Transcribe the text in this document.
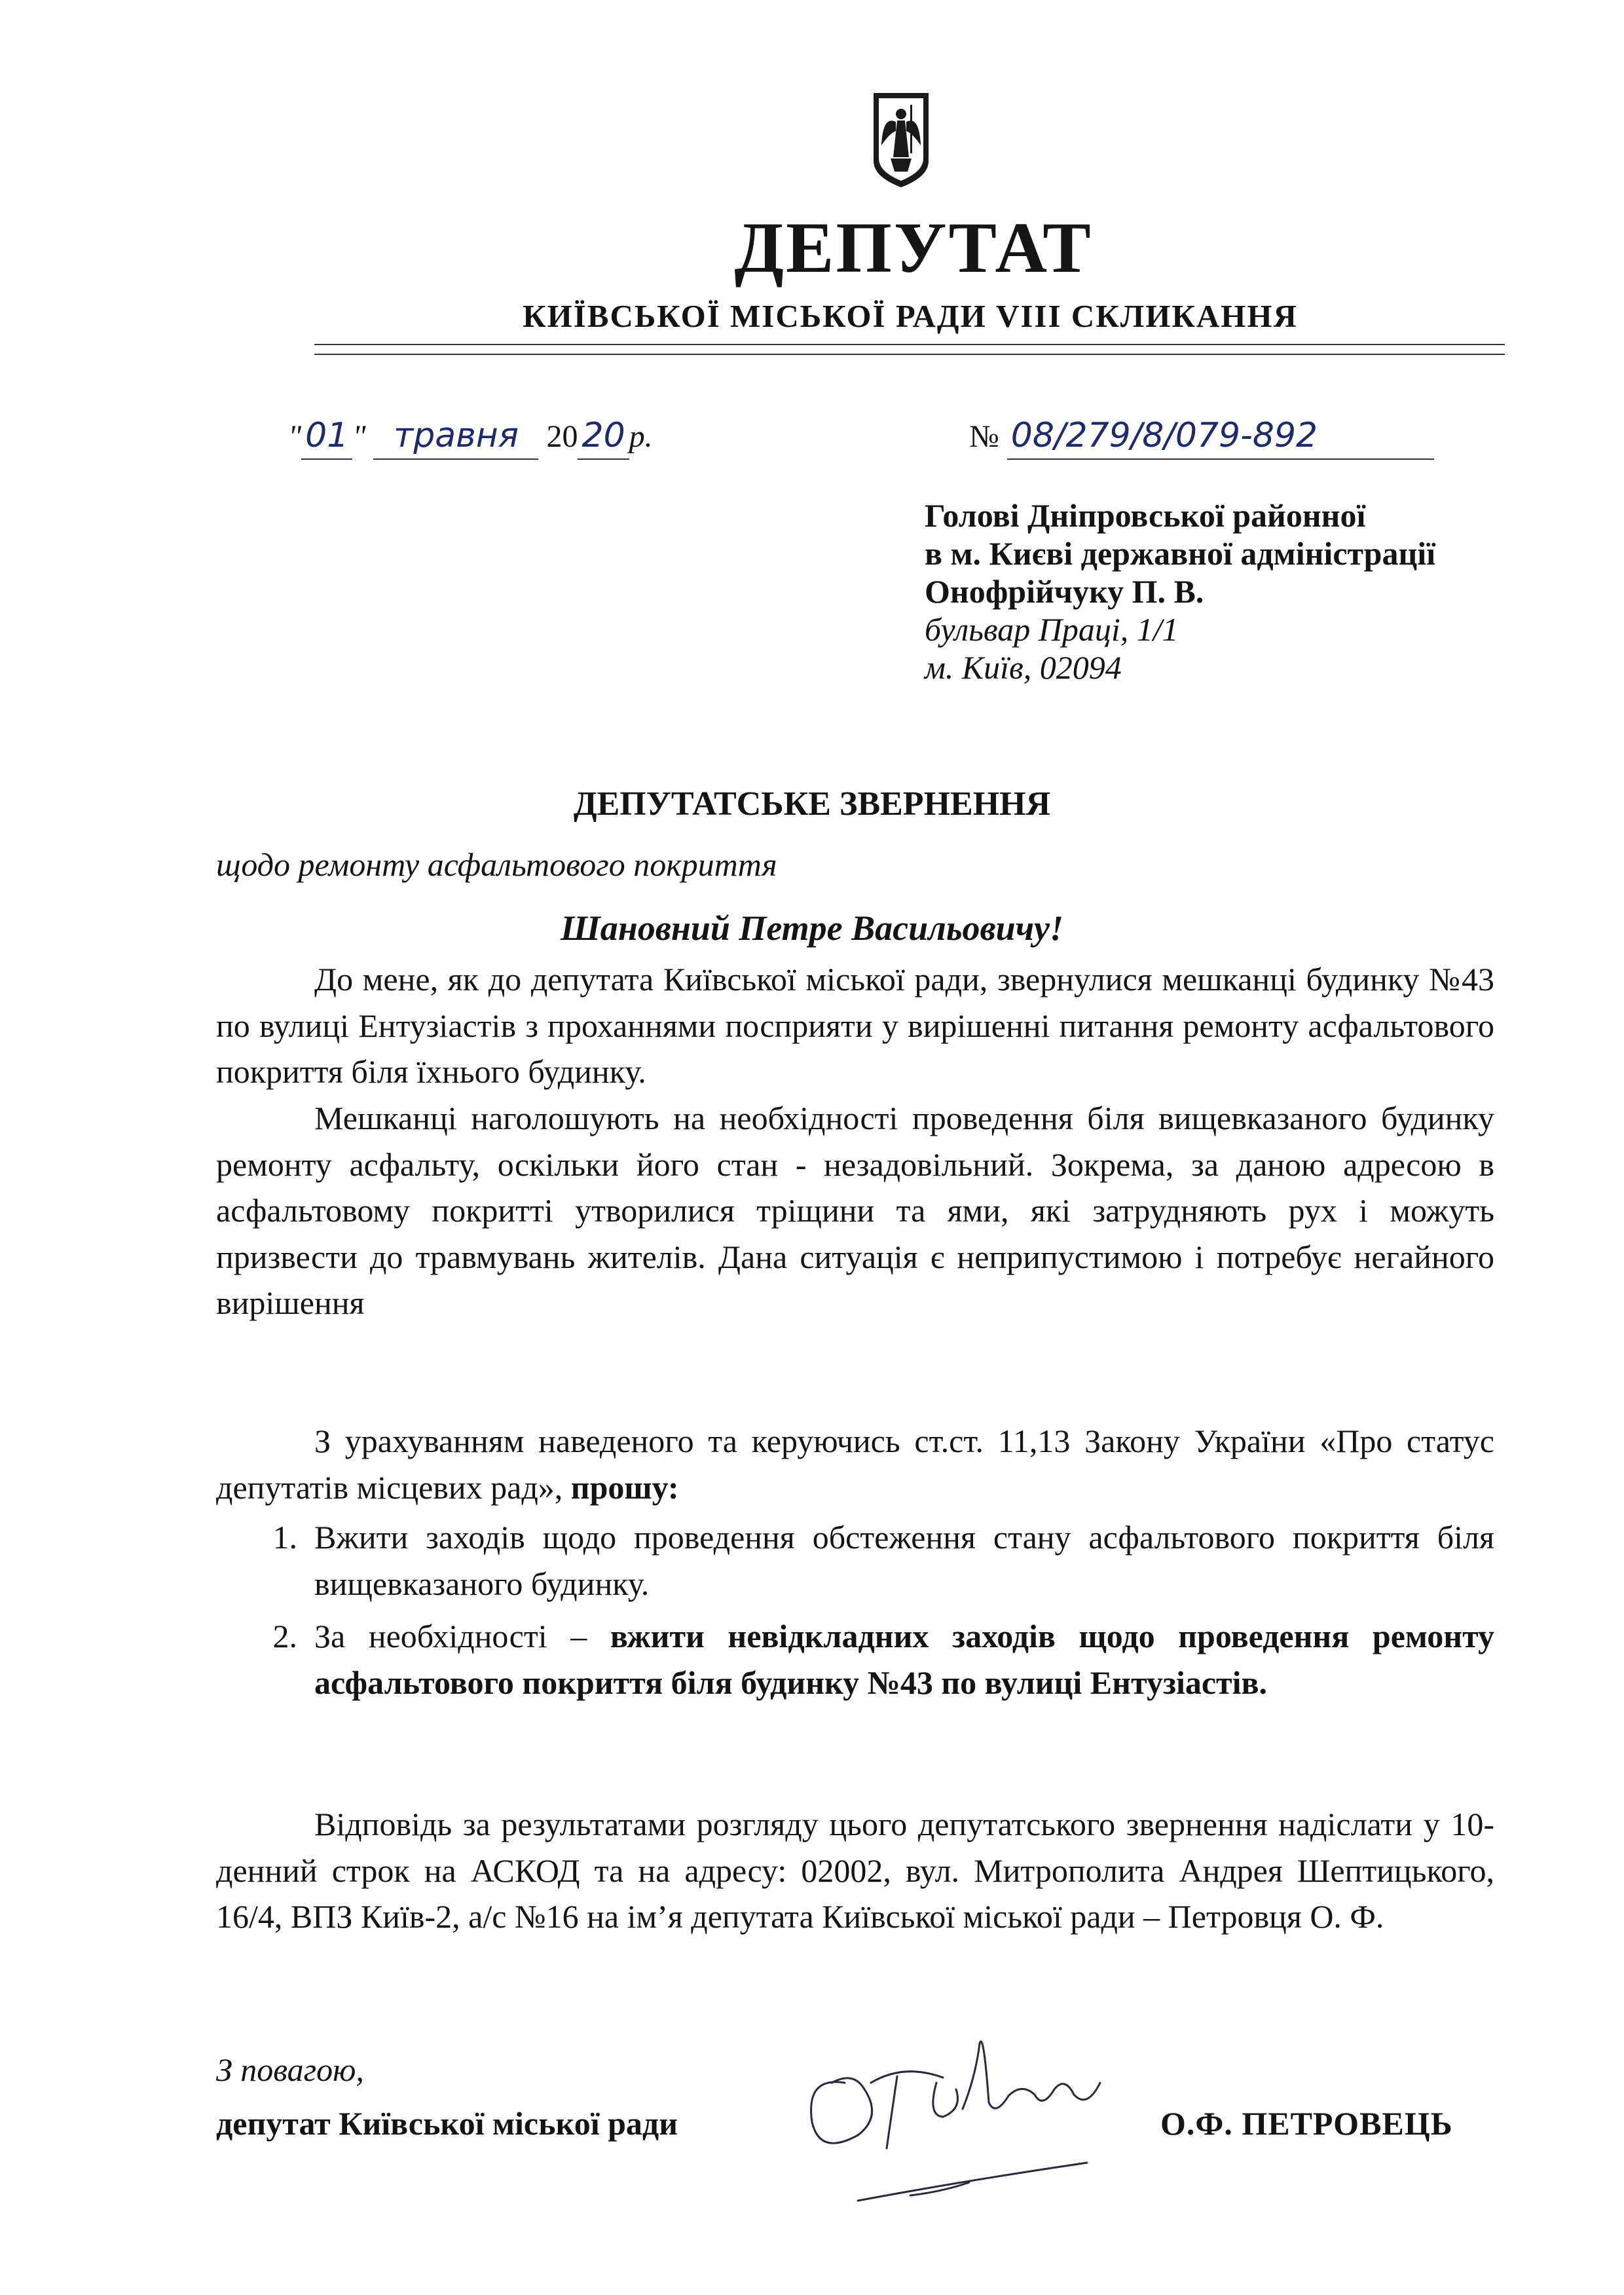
ДЕПУТАТ
КИЇВСЬКОЇ МІСЬКОЇ РАДИ VIII СКЛИКАННЯ
" 01 " травня 20 20 р.	№ 08/279/8/079-892
Голові Дніпровської районної
в м. Києві державної адміністрації
Онофрійчуку П. В.
бульвар Праці, 1/1
м. Київ, 02094
ДЕПУТАТСЬКЕ ЗВЕРНЕННЯ
щодо ремонту асфальтового покриття
Шановний Петре Васильовичу!

До мене, як до депутата Київської міської ради, звернулися мешканці будинку №43 по вулиці Ентузіастів з проханнями посприяти у вирішенні питання ремонту асфальтового покриття біля їхнього будинку.

Мешканці наголошують на необхідності проведення біля вищевказаного будинку ремонту асфальту, оскільки його стан - незадовільний. Зокрема, за даною адресою в асфальтовому покритті утворилися тріщини та ями, які затрудняють рух і можуть призвести до травмувань жителів. Дана ситуація є неприпустимою і потребує негайного вирішення

З урахуванням наведеного та керуючись ст.ст. 11,13 Закону України «Про статус депутатів місцевих рад», прошу:

1. Вжити заходів щодо проведення обстеження стану асфальтового покриття біля вищевказаного будинку.
2. За необхідності – вжити невідкладних заходів щодо проведення ремонту асфальтового покриття біля будинку №43 по вулиці Ентузіастів.

Відповідь за результатами розгляду цього депутатського звернення надіслати у 10-денний строк на АСКОД та на адресу: 02002, вул. Митрополита Андрея Шептицького, 16/4, ВПЗ Київ-2, а/с №16 на ім’я депутата Київської міської ради – Петровця О. Ф.

З повагою,
депутат Київської міської ради	О.Ф. ПЕТРОВЕЦЬ
